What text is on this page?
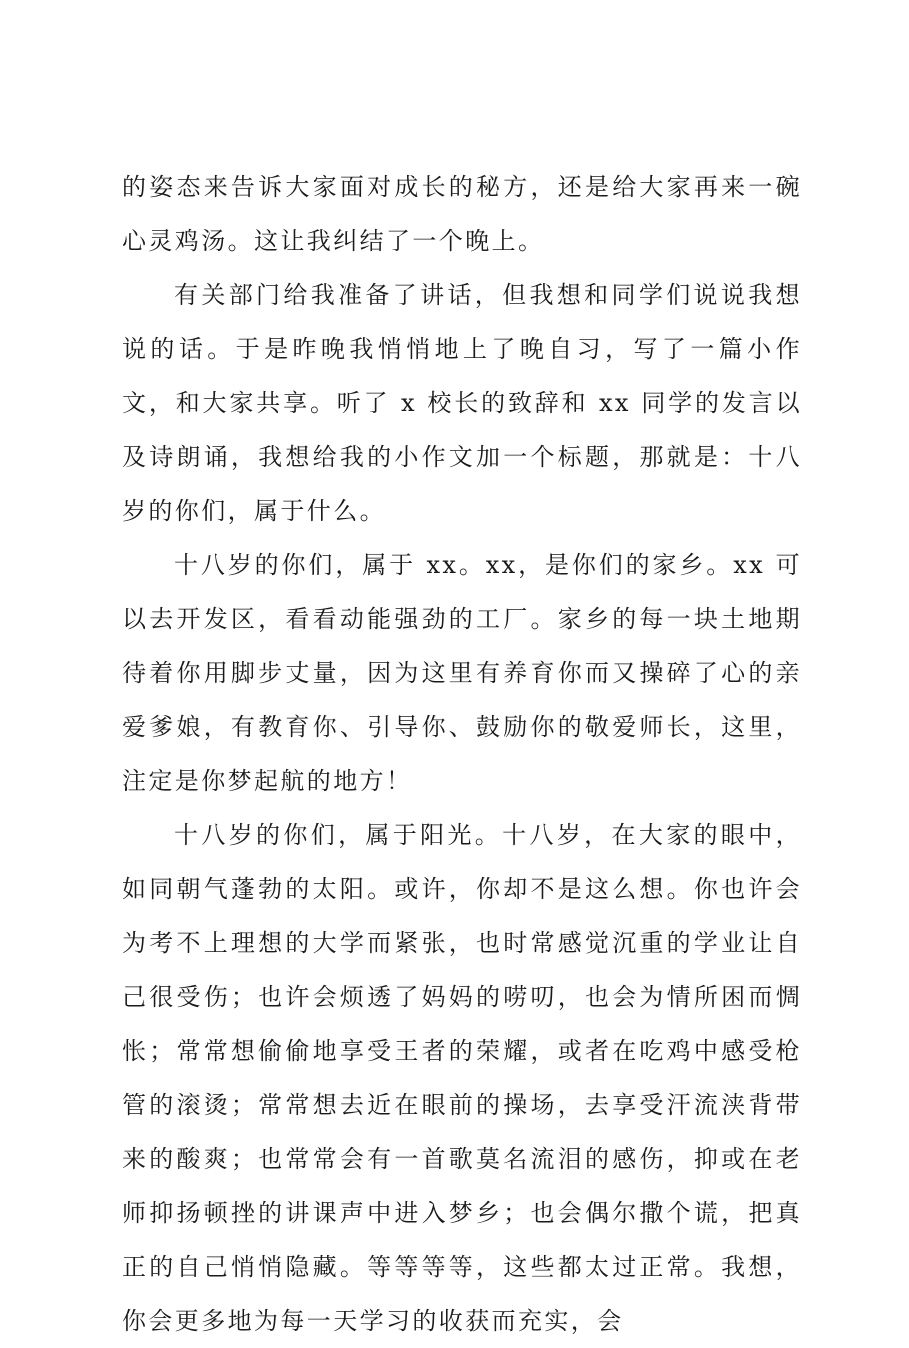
的姿态来告诉大家面对成长的秘方，还是给大家再来一碗心灵鸡汤。这让我纠结了一个晚上。

有关部门给我准备了讲话，但我想和同学们说说我想说的话。于是昨晚我悄悄地上了晚自习，写了一篇小作文，和大家共享。听了 x 校长的致辞和 xx 同学的发言以及诗朗诵，我想给我的小作文加一个标题，那就是：十八岁的你们，属于什么。

十八岁的你们，属于 xx。xx，是你们的家乡。xx 可以去开发区，看看动能强劲的工厂。家乡的每一块土地期待着你用脚步丈量，因为这里有养育你而又操碎了心的亲爱爹娘，有教育你、引导你、鼓励你的敬爱师长，这里，注定是你梦起航的地方！

十八岁的你们，属于阳光。十八岁，在大家的眼中，如同朝气蓬勃的太阳。或许，你却不是这么想。你也许会为考不上理想的大学而紧张，也时常感觉沉重的学业让自己很受伤；也许会烦透了妈妈的唠叨，也会为情所困而惆怅；常常想偷偷地享受王者的荣耀，或者在吃鸡中感受枪管的滚烫；常常想去近在眼前的操场，去享受汗流浃背带来的酸爽；也常常会有一首歌莫名流泪的感伤，抑或在老师抑扬顿挫的讲课声中进入梦乡；也会偶尔撒个谎，把真正的自己悄悄隐藏。等等等等，这些都太过正常。我想，你会更多地为每一天学习的收获而充实，会
